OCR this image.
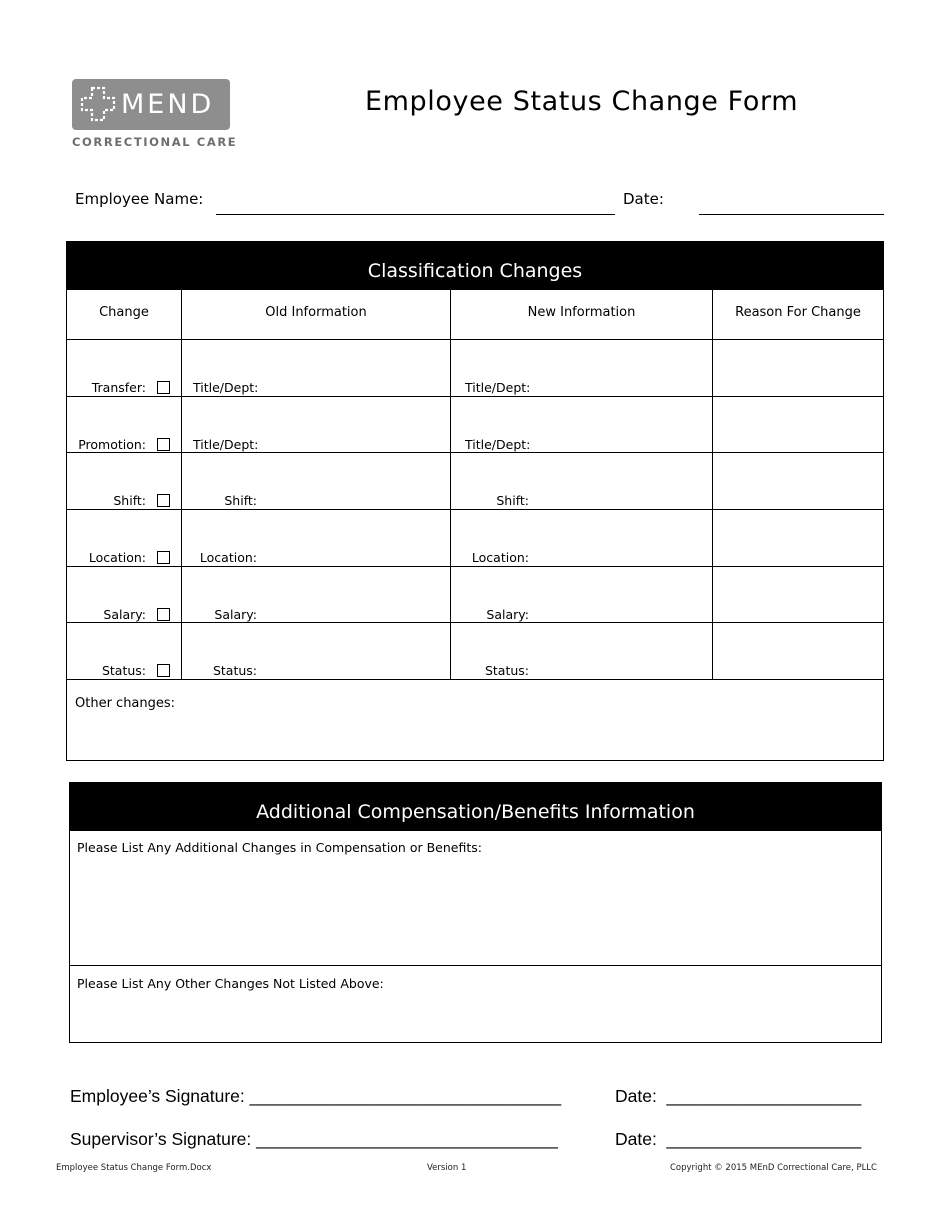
MEND
CORRECTIONAL CARE
Employee Status Change Form
Employee Name:	Date:
Classification Changes
Change	Old Information	New Information	Reason For Change
Transfer:	Title/Dept:	Title/Dept:
Promotion:	Title/Dept:	Title/Dept:
Shift:	Shift:	Shift:
Location:	Location:	Location:
Salary:	Salary:	Salary:
Status:	Status:	Status:
Other changes:
Additional Compensation/Benefits Information
Please List Any Additional Changes in Compensation or Benefits:
Please List Any Other Changes Not Listed Above:
Employee’s Signature: ________________________________	Date:  ____________________
Supervisor’s Signature: _______________________________	Date:  ____________________
Employee Status Change Form.Docx	Version 1	Copyright © 2015 MEnD Correctional Care, PLLC
